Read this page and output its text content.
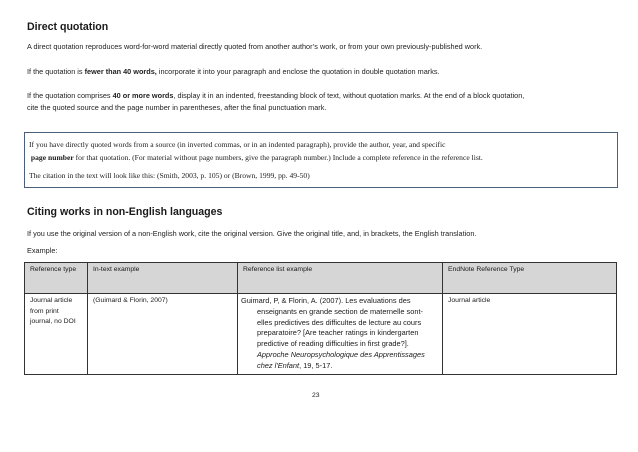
Direct quotation
A direct quotation reproduces word-for-word material directly quoted from another author’s work, or from your own previously-published work.
If the quotation is fewer than 40 words, incorporate it into your paragraph and enclose the quotation in double quotation marks.
If the quotation comprises 40 or more words, display it in an indented, freestanding block of text, without quotation marks. At the end of a block quotation,
cite the quoted source and the page number in parentheses, after the final punctuation mark.
If you have directly quoted words from a source (in inverted commas, or in an indented paragraph), provide the author, year, and specific
page number for that quotation. (For material without page numbers, give the paragraph number.) Include a complete reference in the reference list.
The citation in the text will look like this: (Smith, 2003, p. 105) or (Brown, 1999, pp. 49-50)
Citing works in non-English languages
If you use the original version of a non-English work, cite the original version. Give the original title, and, in brackets, the English translation.
Example:
Reference type	In-text example	Reference list example	EndNote Reference Type
Journal article from print journal, no DOI	(Guimard & Florin, 2007)	Guimard, P, & Florin, A. (2007). Les evaluations des enseignants en grande section de maternelle sont-elles predictives des difficultes de lecture au cours preparatoire? [Are teacher ratings in kindergarten predictive of reading difficulties in first grade?]. Approche Neuropsychologique des Apprentissages chez l'Enfant, 19, 5-17.	Journal article
23
